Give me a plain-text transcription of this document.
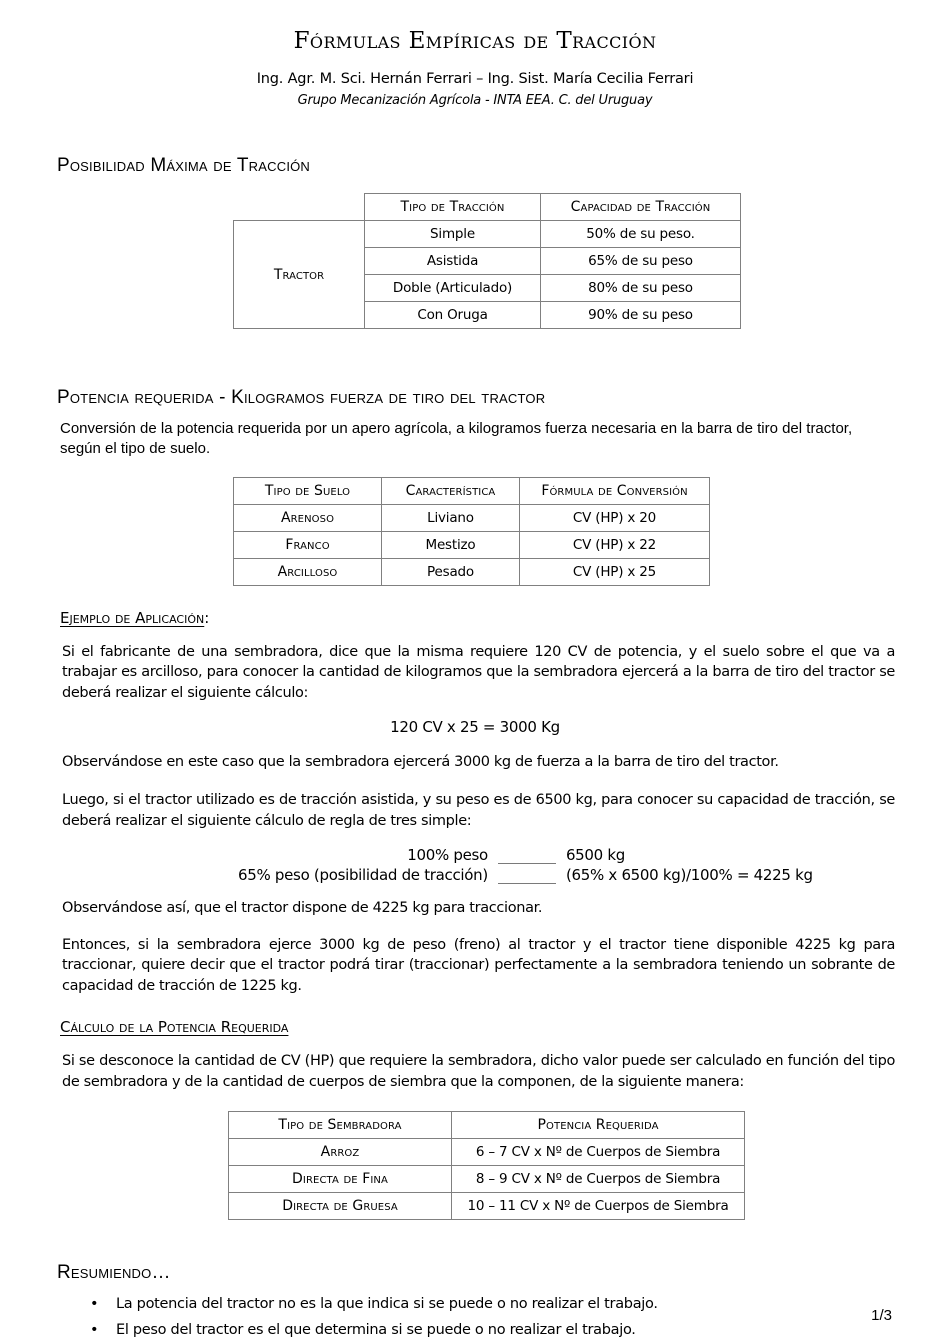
Fórmulas Empíricas de Tracción

Ing. Agr. M. Sci. Hernán Ferrari – Ing. Sist. María Cecilia Ferrari

Grupo Mecanización Agrícola - INTA EEA. C. del Uruguay

Posibilidad Máxima de Tracción
	Tipo de Tracción	Capacidad de Tracción
Tractor	Simple	50% de su peso.
	Asistida	65% de su peso
	Doble (Articulado)	80% de su peso
	Con Oruga	90% de su peso
Potencia requerida - Kilogramos fuerza de tiro del tractor

Conversión de la potencia requerida por un apero agrícola, a kilogramos fuerza necesaria en la barra de tiro del tractor, según el tipo de suelo.

Tipo de Suelo	Característica	Fórmula de Conversión
Arenoso	Liviano	CV (HP) x 20
Franco	Mestizo	CV (HP) x 22
Arcilloso	Pesado	CV (HP) x 25

Ejemplo de Aplicación:

Si el fabricante de una sembradora, dice que la misma requiere 120 CV de potencia, y el suelo sobre el que va a trabajar es arcilloso, para conocer la cantidad de kilogramos que la sembradora ejercerá a la barra de tiro del tractor se deberá realizar el siguiente cálculo:

120 CV x 25 = 3000 Kg

Observándose en este caso que la sembradora ejercerá 3000 kg de fuerza a la barra de tiro del tractor.

Luego, si el tractor utilizado es de tracción asistida, y su peso es de 6500 kg, para conocer su capacidad de tracción, se deberá realizar el siguiente cálculo de regla de tres simple:

100% peso		6500 kg
65% peso (posibilidad de tracción)		(65% x 6500 kg)/100% = 4225 kg

Observándose así, que el tractor dispone de 4225 kg para traccionar.

Entonces, si la sembradora ejerce 3000 kg de peso (freno) al tractor y el tractor tiene disponible 4225 kg para traccionar, quiere decir que el tractor podrá tirar (traccionar) perfectamente a la sembradora teniendo un sobrante de capacidad de tracción de 1225 kg.

Cálculo de la Potencia Requerida

Si se desconoce la cantidad de CV (HP) que requiere la sembradora, dicho valor puede ser calculado en función del tipo de sembradora y de la cantidad de cuerpos de siembra que la componen, de la siguiente manera:

Tipo de Sembradora	Potencia Requerida
Arroz	6 – 7 CV x Nº de Cuerpos de Siembra
Directa de Fina	8 – 9 CV x Nº de Cuerpos de Siembra
Directa de Gruesa	10 – 11 CV x Nº de Cuerpos de Siembra
Resumiendo…
• La potencia del tractor no es la que indica si se puede o no realizar el trabajo.
• El peso del tractor es el que determina si se puede o no realizar el trabajo.
1/3
